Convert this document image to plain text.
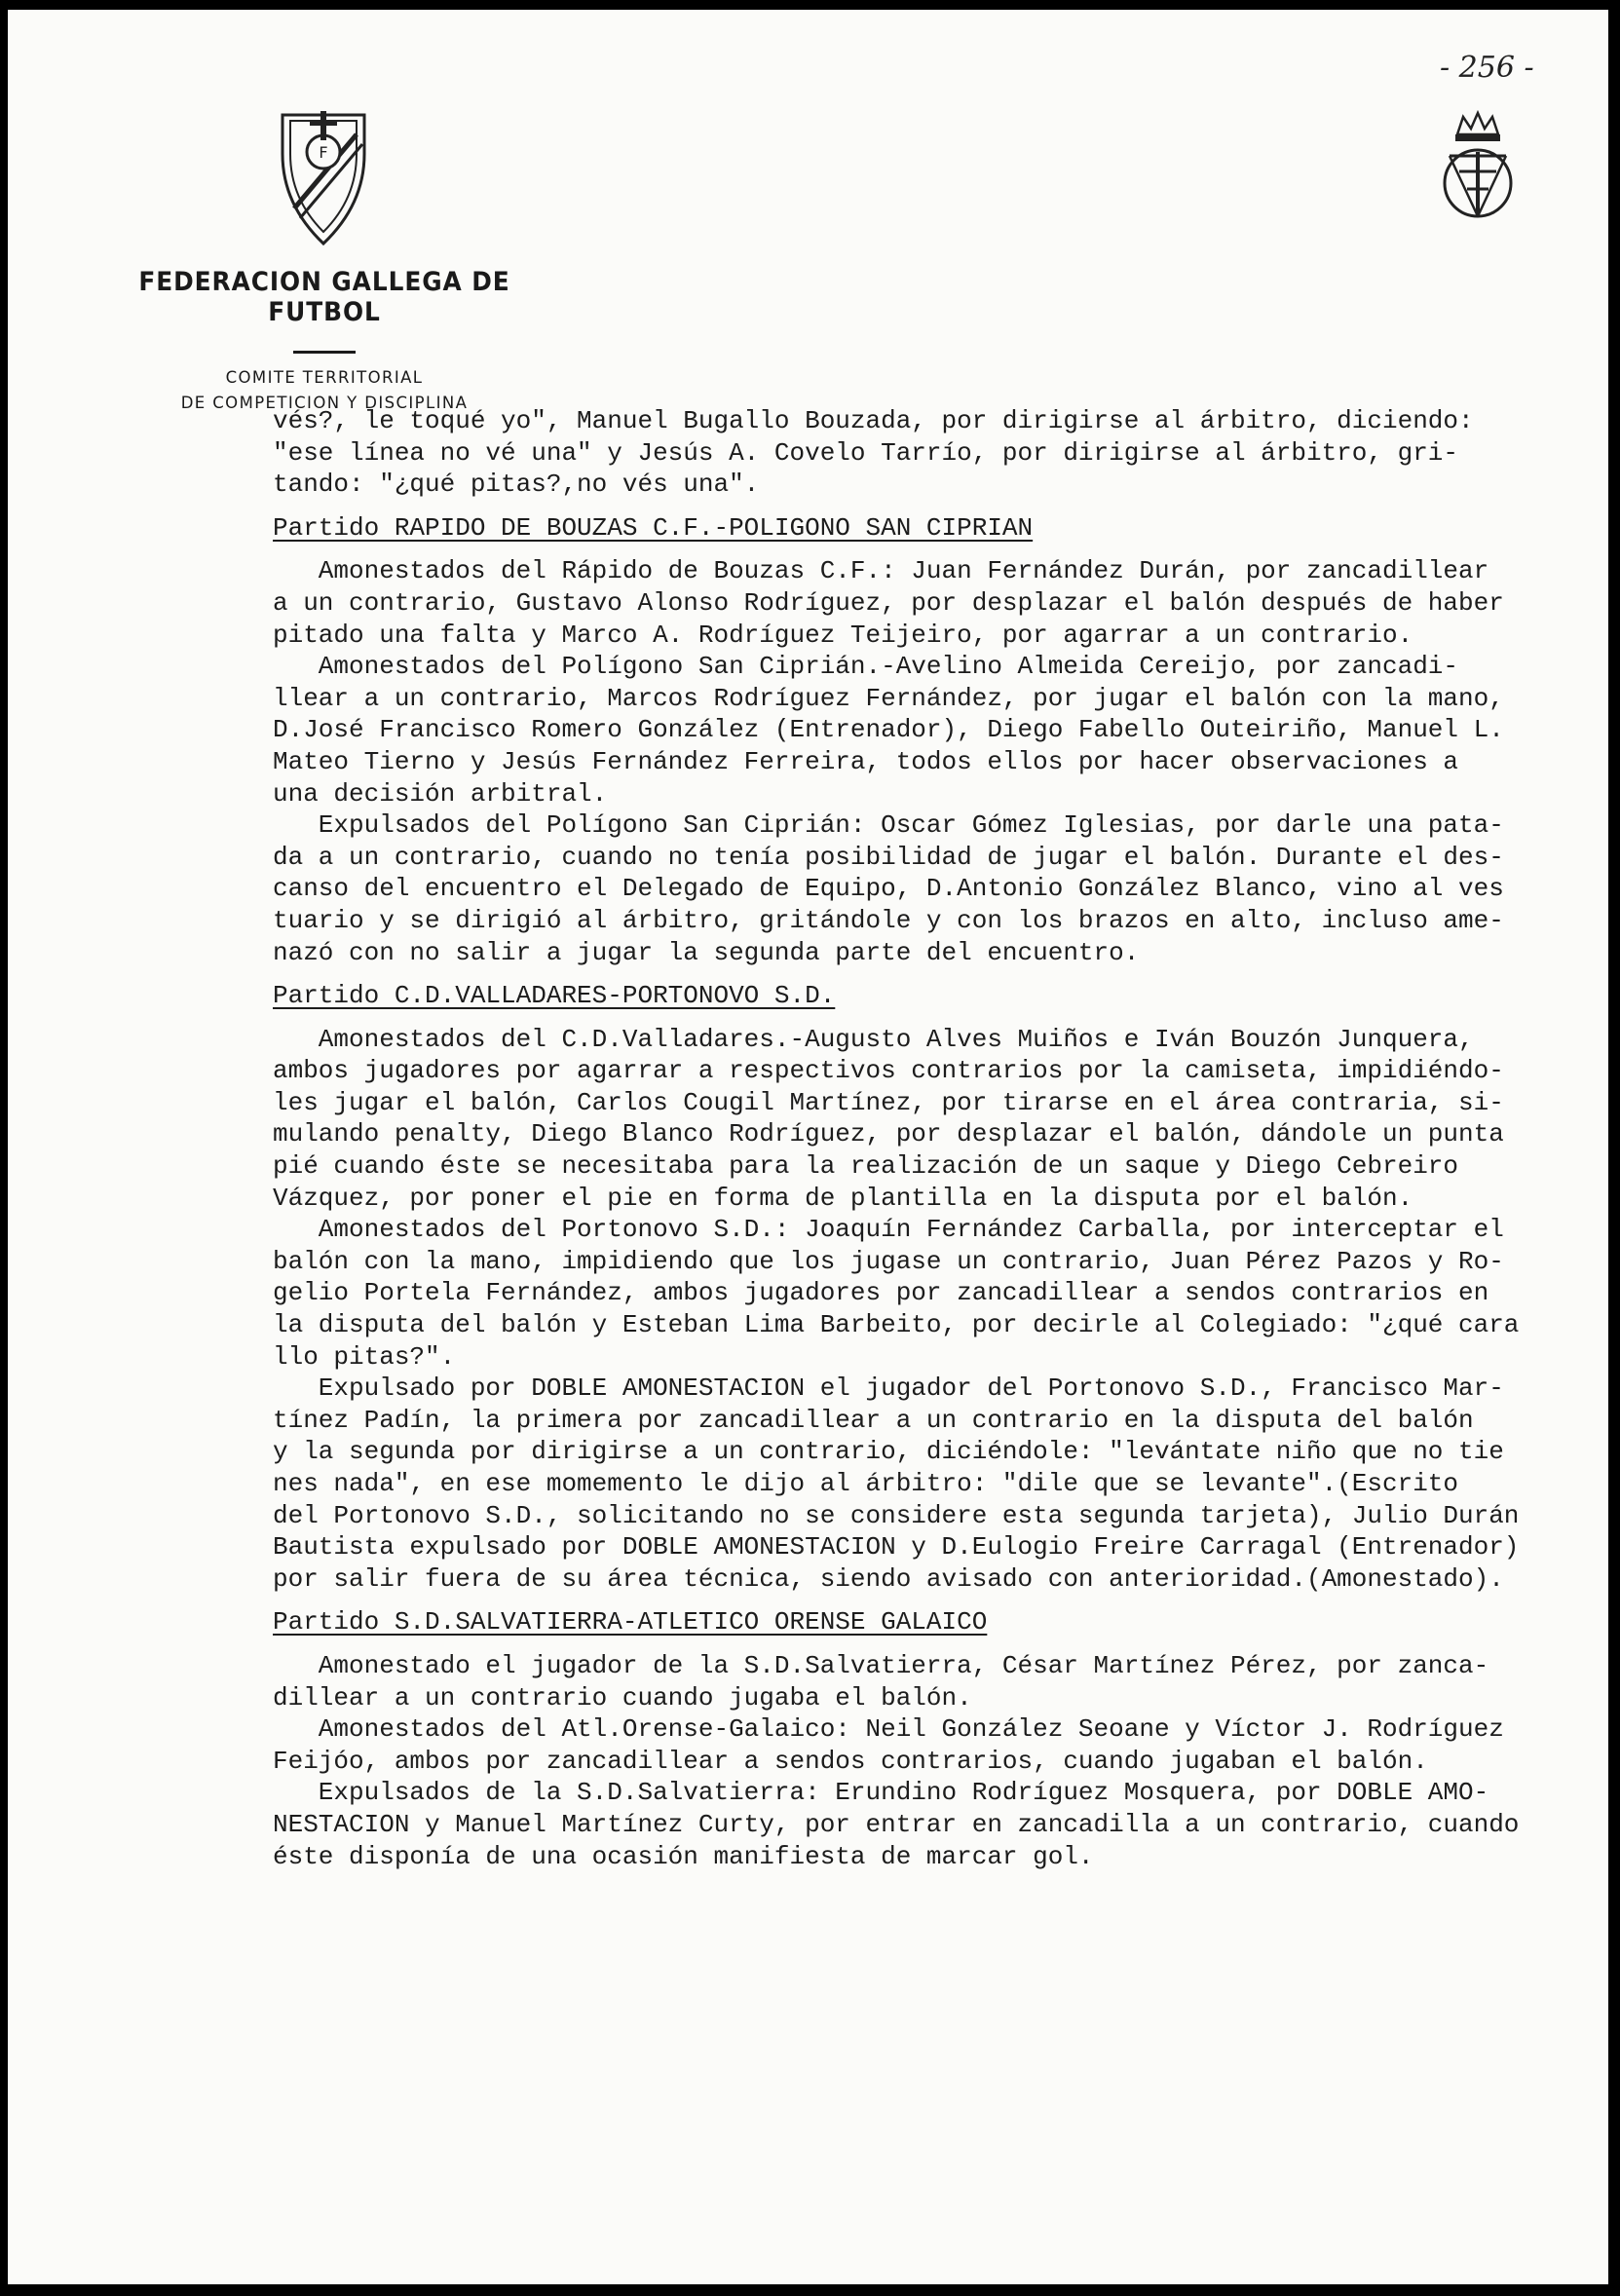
- 256 -
F
FEDERACION GALLEGA DE FUTBOL
COMITE TERRITORIAL
DE COMPETICION Y DISCIPLINA
vés?, le toqué yo", Manuel Bugallo Bouzada, por dirigirse al árbitro, diciendo:
"ese línea no vé una" y Jesús A. Covelo Tarrío, por dirigirse al árbitro, gri-
tando: "¿qué pitas?,no vés una".
Partido RAPIDO DE BOUZAS C.F.-POLIGONO SAN CIPRIAN
Amonestados del Rápido de Bouzas C.F.: Juan Fernández Durán, por zancadillear
a un contrario, Gustavo Alonso Rodríguez, por desplazar el balón después de haber
pitado una falta y Marco A. Rodríguez Teijeiro, por agarrar a un contrario.
Amonestados del Polígono San Ciprián.-Avelino Almeida Cereijo, por zancadi-
llear a un contrario, Marcos Rodríguez Fernández, por jugar el balón con la mano,
D.José Francisco Romero González (Entrenador), Diego Fabello Outeiriño, Manuel L.
Mateo Tierno y Jesús Fernández Ferreira, todos ellos por hacer observaciones a
una decisión arbitral.
Expulsados del Polígono San Ciprián: Oscar Gómez Iglesias, por darle una pata-
da a un contrario, cuando no tenía posibilidad de jugar el balón. Durante el des-
canso del encuentro el Delegado de Equipo, D.Antonio González Blanco, vino al ves
tuario y se dirigió al árbitro, gritándole y con los brazos en alto, incluso ame-
nazó con no salir a jugar la segunda parte del encuentro.
Partido C.D.VALLADARES-PORTONOVO S.D.
Amonestados del C.D.Valladares.-Augusto Alves Muiños e Iván Bouzón Junquera,
ambos jugadores por agarrar a respectivos contrarios por la camiseta, impidiéndo-
les jugar el balón, Carlos Cougil Martínez, por tirarse en el área contraria, si-
mulando penalty, Diego Blanco Rodríguez, por desplazar el balón, dándole un punta
pié cuando éste se necesitaba para la realización de un saque y Diego Cebreiro
Vázquez, por poner el pie en forma de plantilla en la disputa por el balón.
Amonestados del Portonovo S.D.: Joaquín Fernández Carballa, por interceptar el
balón con la mano, impidiendo que los jugase un contrario, Juan Pérez Pazos y Ro-
gelio Portela Fernández, ambos jugadores por zancadillear a sendos contrarios en
la disputa del balón y Esteban Lima Barbeito, por decirle al Colegiado: "¿qué cara
llo pitas?".
Expulsado por DOBLE AMONESTACION el jugador del Portonovo S.D., Francisco Mar-
tínez Padín, la primera por zancadillear a un contrario en la disputa del balón
y la segunda por dirigirse a un contrario, diciéndole: "levántate niño que no tie
nes nada", en ese momemento le dijo al árbitro: "dile que se levante".(Escrito
del Portonovo S.D., solicitando no se considere esta segunda tarjeta), Julio Durán
Bautista expulsado por DOBLE AMONESTACION y D.Eulogio Freire Carragal (Entrenador)
por salir fuera de su área técnica, siendo avisado con anterioridad.(Amonestado).
Partido S.D.SALVATIERRA-ATLETICO ORENSE GALAICO
Amonestado el jugador de la S.D.Salvatierra, César Martínez Pérez, por zanca-
dillear a un contrario cuando jugaba el balón.
Amonestados del Atl.Orense-Galaico: Neil González Seoane y Víctor J. Rodríguez
Feijóo, ambos por zancadillear a sendos contrarios, cuando jugaban el balón.
Expulsados de la S.D.Salvatierra: Erundino Rodríguez Mosquera, por DOBLE AMO-
NESTACION y Manuel Martínez Curty, por entrar en zancadilla a un contrario, cuando
éste disponía de una ocasión manifiesta de marcar gol.
